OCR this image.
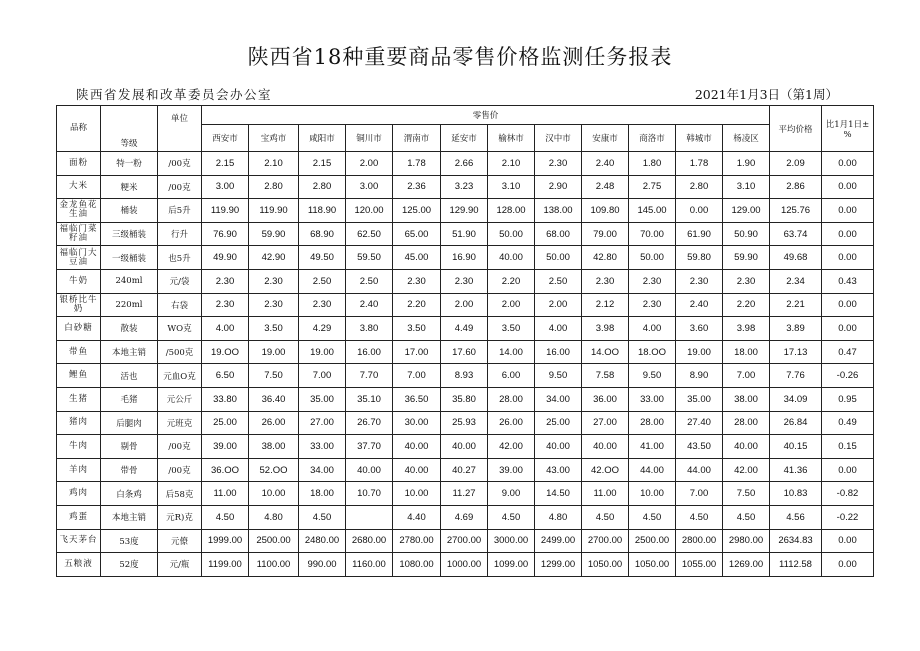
陕西省18种重要商品零售价格监测任务报表
陕西省发展和改革委员会办公室	2021年1月3日（第1周）
品称	等级	单位	零售价												平均价格	比1月1日±%
			西安市	宝鸡市	咸阳市	铜川市	渭南市	延安市	榆林市	汉中市	安康市	商洛市	韩城市	杨凌区		
面粉	特一粉	/00克	2.15	2.10	2.15	2.00	1.78	2.66	2.10	2.30	2.40	1.80	1.78	1.90	2.09	0.00
大米	粳米	/00克	3.00	2.80	2.80	3.00	2.36	3.23	3.10	2.90	2.48	2.75	2.80	3.10	2.86	0.00
金龙鱼花生油	桶装	后5升	119.90	119.90	118.90	120.00	125.00	129.90	128.00	138.00	109.80	145.00	0.00	129.00	125.76	0.00
福临门菜籽油	三级桶装	行升	76.90	59.90	68.90	62.50	65.00	51.90	50.00	68.00	79.00	70.00	61.90	50.90	63.74	0.00
福临门大豆油	一级桶装	也5升	49.90	42.90	49.50	59.50	45.00	16.90	40.00	50.00	42.80	50.00	59.80	59.90	49.68	0.00
牛奶	240ml	元/袋	2.30	2.30	2.50	2.50	2.30	2.30	2.20	2.50	2.30	2.30	2.30	2.30	2.34	0.43
银桥比牛奶	220ml	右袋	2.30	2.30	2.30	2.40	2.20	2.00	2.00	2.00	2.12	2.30	2.40	2.20	2.21	0.00
白砂糖	散装	WO克	4.00	3.50	4.29	3.80	3.50	4.49	3.50	4.00	3.98	4.00	3.60	3.98	3.89	0.00
带鱼	本地主销	/500克	19.OO	19.00	19.00	16.00	17.00	17.60	14.00	16.00	14.OO	18.OO	19.00	18.00	17.13	0.47
鲤鱼	活也	元血O克	6.50	7.50	7.00	7.70	7.00	8.93	6.00	9.50	7.58	9.50	8.90	7.00	7.76	-0.26
生猪	毛猪	元公斤	33.80	36.40	35.00	35.10	36.50	35.80	28.00	34.00	36.00	33.00	35.00	38.00	34.09	0.95
猪肉	后腿肉	元班克	25.00	26.00	27.00	26.70	30.00	25.93	26.00	25.00	27.00	28.00	27.40	28.00	26.84	0.49
牛肉	剔骨	/00克	39.00	38.00	33.00	37.70	40.00	40.00	42.00	40.00	40.00	41.00	43.50	40.00	40.15	0.15
羊肉	带骨	/00克	36.OO	52.OO	34.00	40.00	40.00	40.27	39.00	43.00	42.OO	44.00	44.00	42.00	41.36	0.00
鸡肉	白条鸡	后58克	11.00	10.00	18.00	10.70	10.00	11.27	9.00	14.50	11.00	10.00	7.00	7.50	10.83	-0.82
鸡蛋	本地主销	元R)克	4.50	4.80	4.50		4.40	4.69	4.50	4.80	4.50	4.50	4.50	4.50	4.56	-0.22
飞天茅台	53度	元僚	1999.00	2500.00	2480.00	2680.00	2780.00	2700.00	3000.00	2499.00	2700.00	2500.00	2800.00	2980.00	2634.83	0.00
五粮液	52度	元/瓶	1199.00	1100.00	990.00	1160.00	1080.00	1000.00	1099.00	1299.00	1050.00	1050.00	1055.00	1269.00	1112.58	0.00
